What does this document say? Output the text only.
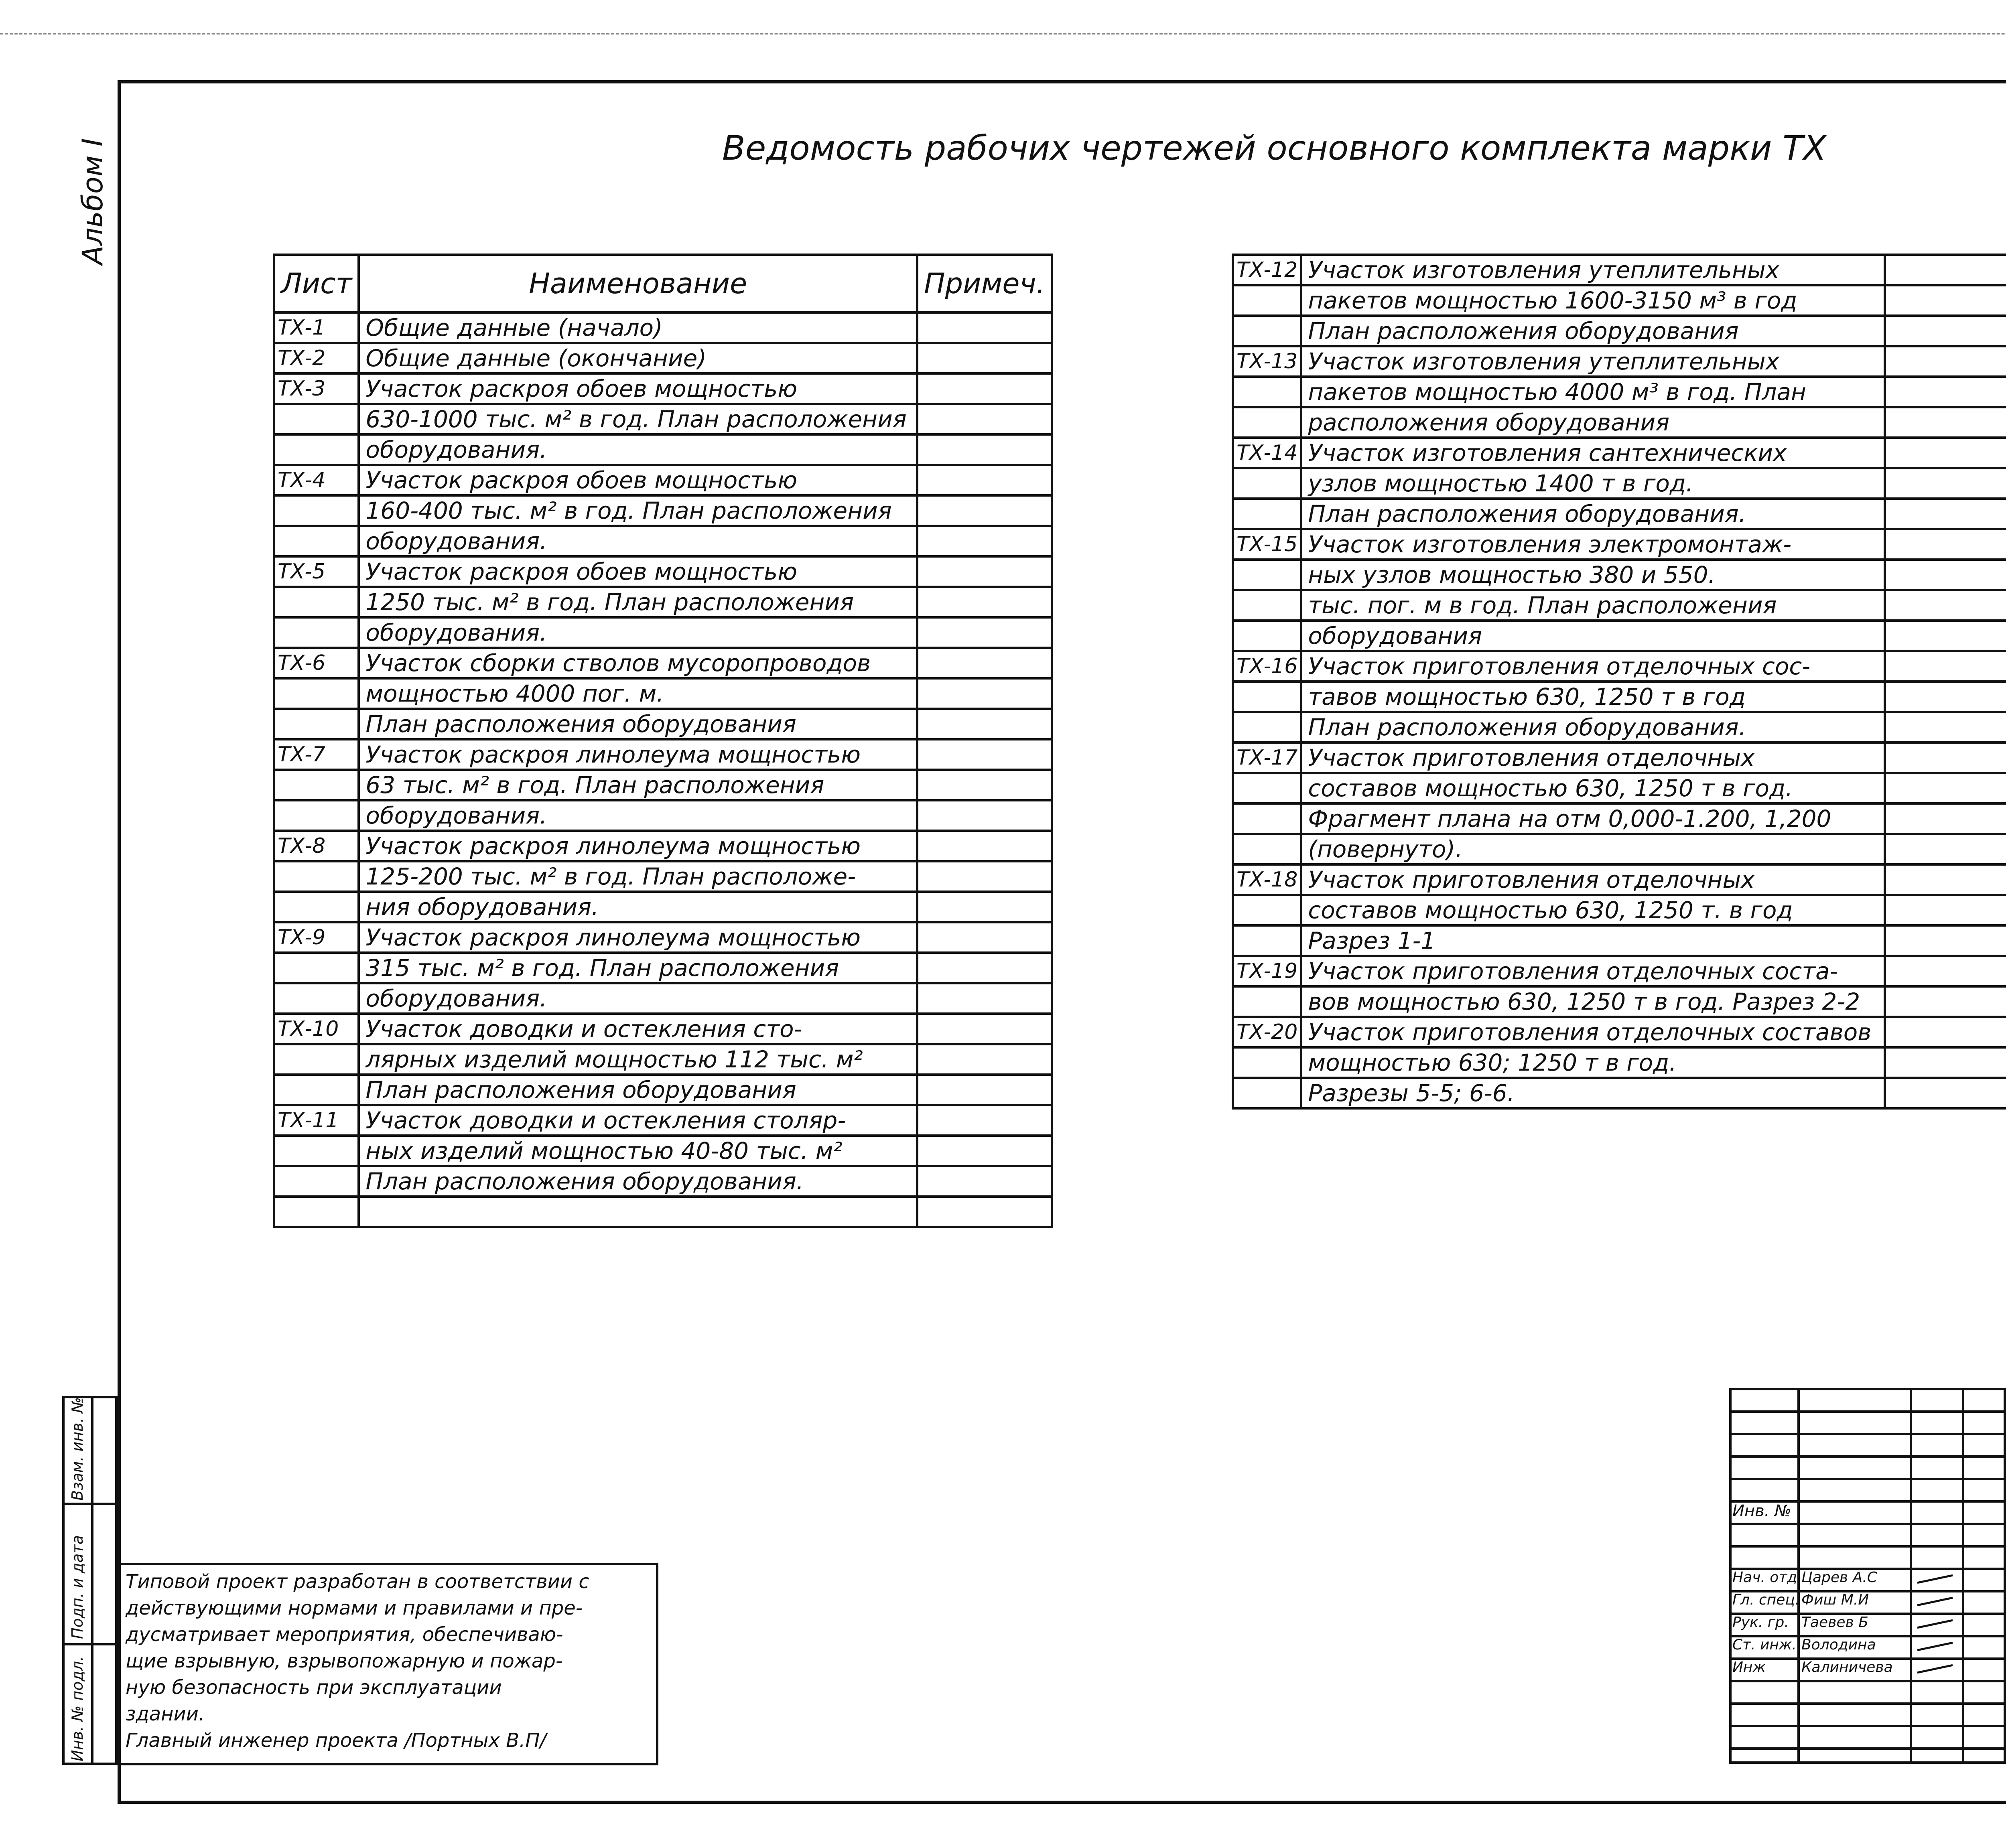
Ведомость рабочих чертежей основного комплекта марки ТХ
Альбом I
Лист	Наименование	Примеч.
ТХ-1	Общие данные (начало)	
ТХ-2	Общие данные (окончание)	
ТХ-3	Участок раскроя обоев мощностью	
	630-1000 тыс. м² в год. План расположения	
	оборудования.	
ТХ-4	Участок раскроя обоев мощностью	
	160-400 тыс. м² в год. План расположения	
	оборудования.	
ТХ-5	Участок раскроя обоев мощностью	
	1250 тыс. м² в год. План расположения	
	оборудования.	
ТХ-6	Участок сборки стволов мусоропроводов	
	мощностью 4000 пог. м.	
	План расположения оборудования	
ТХ-7	Участок раскроя линолеума мощностью	
	63 тыс. м² в год. План расположения	
	оборудования.	
ТХ-8	Участок раскроя линолеума мощностью	
	125-200 тыс. м² в год. План расположе-	
	ния оборудования.	
ТХ-9	Участок раскроя линолеума мощностью	
	315 тыс. м² в год. План расположения	
	оборудования.	
ТХ-10	Участок доводки и остекления сто-	
	лярных изделий мощностью 112 тыс. м²	
	План расположения оборудования	
ТХ-11	Участок доводки и остекления столяр-	
	ных изделий мощностью 40-80 тыс. м²	
	План расположения оборудования.	

ТХ-12	Участок изготовления утеплительных	
	пакетов мощностью 1600-3150 м³ в год	
	План расположения оборудования	
ТХ-13	Участок изготовления утеплительных	
	пакетов мощностью 4000 м³ в год. План	
	расположения оборудования	
ТХ-14	Участок изготовления сантехнических	
	узлов мощностью 1400 т в год.	
	План расположения оборудования.	
ТХ-15	Участок изготовления электромонтаж-	
	ных узлов мощностью 380 и 550.	
	тыс. пог. м в год. План расположения	
	оборудования	
ТХ-16	Участок приготовления отделочных сос-	
	тавов мощностью 630, 1250 т в год	
	План расположения оборудования.	
ТХ-17	Участок приготовления отделочных	
	составов мощностью 630, 1250 т в год.	
	Фрагмент плана на отм 0,000-1.200, 1,200	
	(повернуто).	
ТХ-18	Участок приготовления отделочных	
	составов мощностью 630, 1250 т. в год	
	Разрез 1-1	
ТХ-19	Участок приготовления отделочных соста-	
	вов мощностью 630, 1250 т в год. Разрез 2-2	
ТХ-20	Участок приготовления отделочных составов	
	мощностью 630; 1250 т в год.	
	Разрезы 5-5; 6-6.	
Инв. № подл.
Подп. и дата
Взам. инв. №
Типовой проект разработан в соответствии с
действующими нормами и правилами и пре-
дусматривает мероприятия, обеспечиваю-
щие взрывную, взрывопожарную и пожар-
ную безопасность при эксплуатации
здании.
Главный инженер проекта /Портных В.П/
Инв. №
Нач. отд. Царев А.С
Гл. спец. Фиш М.И
Рук. гр. Таевев Б
Ст. инж. Володина
Инж Калиничева
